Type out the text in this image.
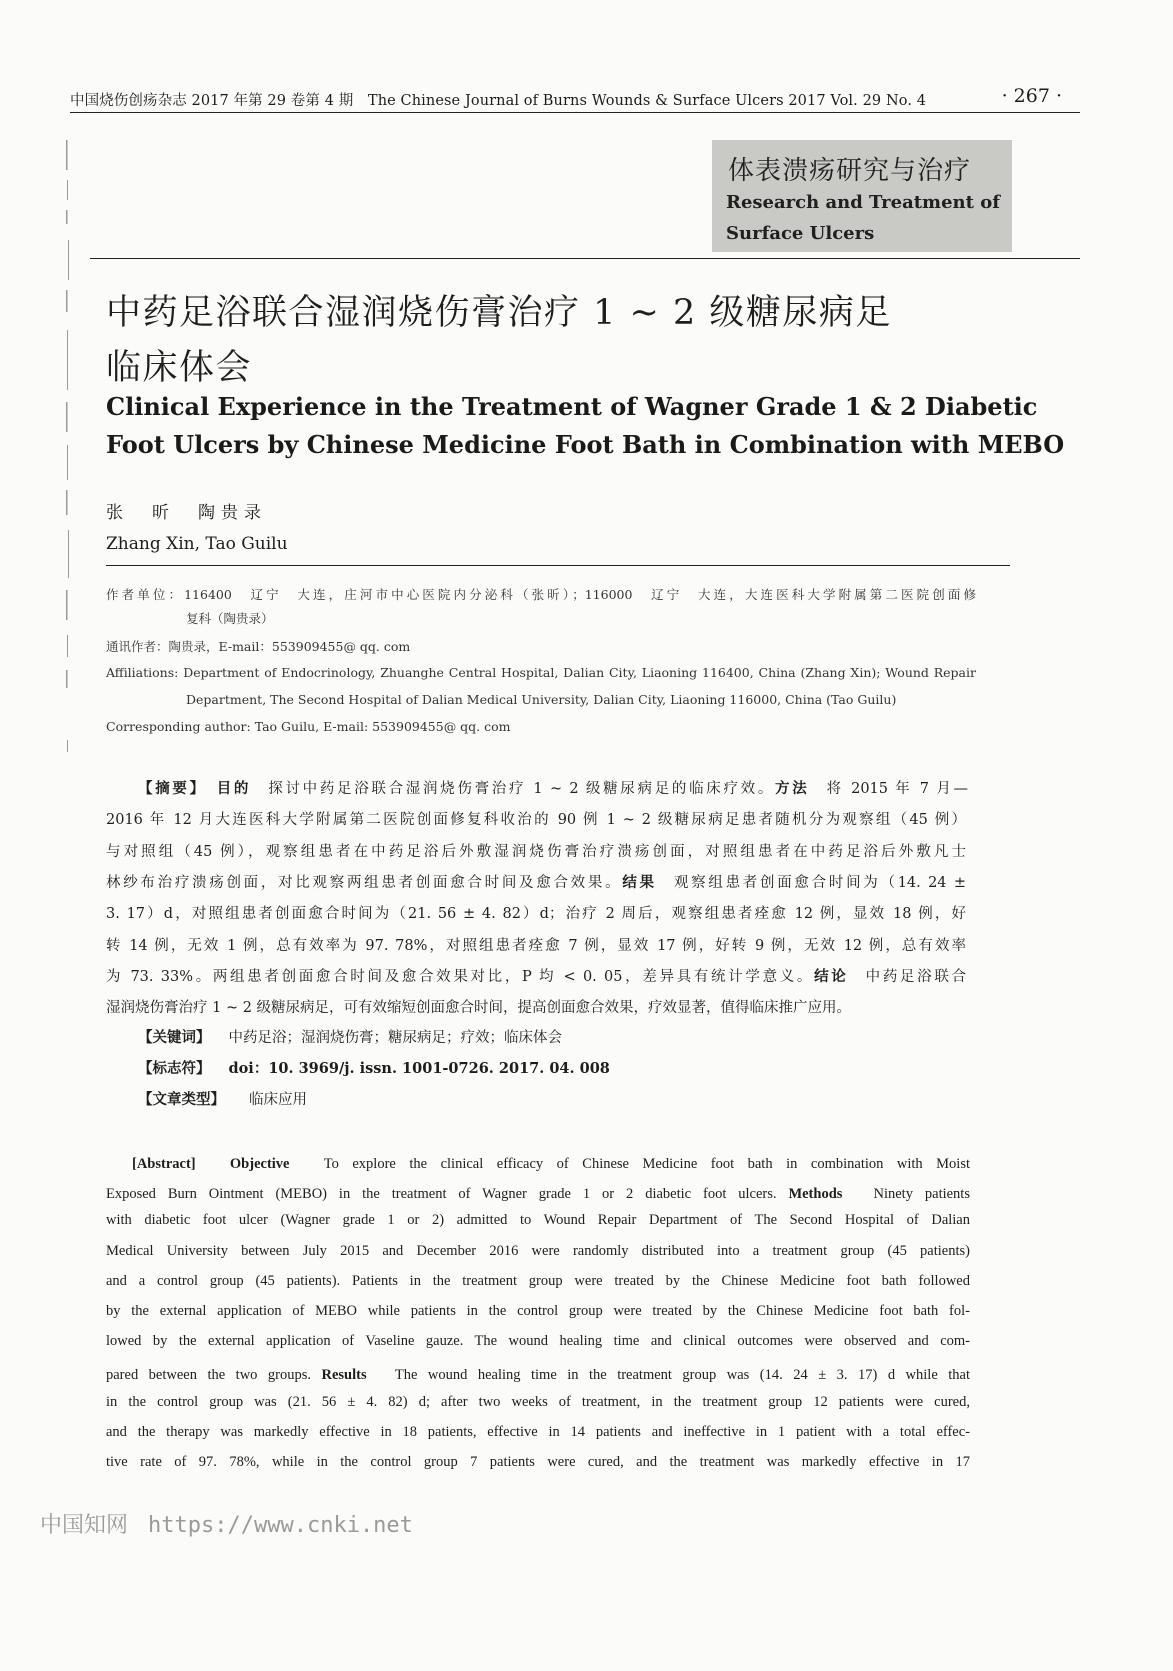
中国烧伤创疡杂志 2017 年第 29 卷第 4 期　The Chinese Journal of Burns Wounds & Surface Ulcers 2017 Vol. 29 No. 4	· 267 ·
体表溃疡研究与治疗
Research and Treatment of
Surface Ulcers
中药足浴联合湿润烧伤膏治疗 1 ~ 2 级糖尿病足
临床体会
Clinical Experience in the Treatment of Wagner Grade 1 & 2 Diabetic
Foot Ulcers by Chinese Medicine Foot Bath in Combination with MEBO
张　昕　陶贵录
Zhang Xin, Tao Guilu
作者单位：116400　辽宁　大连，庄河市中心医院内分泌科（张昕）；116000　辽宁　大连，大连医科大学附属第二医院创面修
复科（陶贵录）
通讯作者：陶贵录，E-mail：553909455@ qq. com
Affiliations: Department of Endocrinology, Zhuanghe Central Hospital, Dalian City, Liaoning 116400, China (Zhang Xin); Wound Repair
Department, The Second Hospital of Dalian Medical University, Dalian City, Liaoning 116000, China (Tao Guilu)
Corresponding author: Tao Guilu, E-mail: 553909455@ qq. com
【摘要】　目的　探讨中药足浴联合湿润烧伤膏治疗 1 ~ 2 级糖尿病足的临床疗效。方法　将 2015 年 7 月—
2016 年 12 月大连医科大学附属第二医院创面修复科收治的 90 例 1 ~ 2 级糖尿病足患者随机分为观察组（45 例）
与对照组（45 例），观察组患者在中药足浴后外敷湿润烧伤膏治疗溃疡创面，对照组患者在中药足浴后外敷凡士
林纱布治疗溃疡创面，对比观察两组患者创面愈合时间及愈合效果。结果　观察组患者创面愈合时间为（14. 24 ±
3. 17）d，对照组患者创面愈合时间为（21. 56 ± 4. 82）d；治疗 2 周后，观察组患者痊愈 12 例，显效 18 例，好
转 14 例，无效 1 例，总有效率为 97. 78%，对照组患者痊愈 7 例，显效 17 例，好转 9 例，无效 12 例，总有效率
为 73. 33%。两组患者创面愈合时间及愈合效果对比，P 均 < 0. 05，差异具有统计学意义。结论　中药足浴联合
湿润烧伤膏治疗 1 ~ 2 级糖尿病足，可有效缩短创面愈合时间，提高创面愈合效果，疗效显著，值得临床推广应用。
【关键词】 中药足浴；湿润烧伤膏；糖尿病足；疗效；临床体会
【标志符】 doi：10. 3969/j. issn. 1001-0726. 2017. 04. 008
【文章类型】 临床应用
[Abstract]　 Objective　To explore the clinical efficacy of Chinese Medicine foot bath in combination with Moist
Exposed Burn Ointment (MEBO) in the treatment of Wagner grade 1 or 2 diabetic foot ulcers. Methods　Ninety patients
with diabetic foot ulcer (Wagner grade 1 or 2) admitted to Wound Repair Department of The Second Hospital of Dalian
Medical University between July 2015 and December 2016 were randomly distributed into a treatment group (45 patients)
and a control group (45 patients). Patients in the treatment group were treated by the Chinese Medicine foot bath followed
by the external application of MEBO while patients in the control group were treated by the Chinese Medicine foot bath fol-
lowed by the external application of Vaseline gauze. The wound healing time and clinical outcomes were observed and com-
pared between the two groups. Results　The wound healing time in the treatment group was (14. 24 ± 3. 17) d while that
in the control group was (21. 56 ± 4. 82) d; after two weeks of treatment, in the treatment group 12 patients were cured,
and the therapy was markedly effective in 18 patients, effective in 14 patients and ineffective in 1 patient with a total effec-
tive rate of 97. 78%, while in the control group 7 patients were cured, and the treatment was markedly effective in 17
中国知网 https://www.cnki.net
